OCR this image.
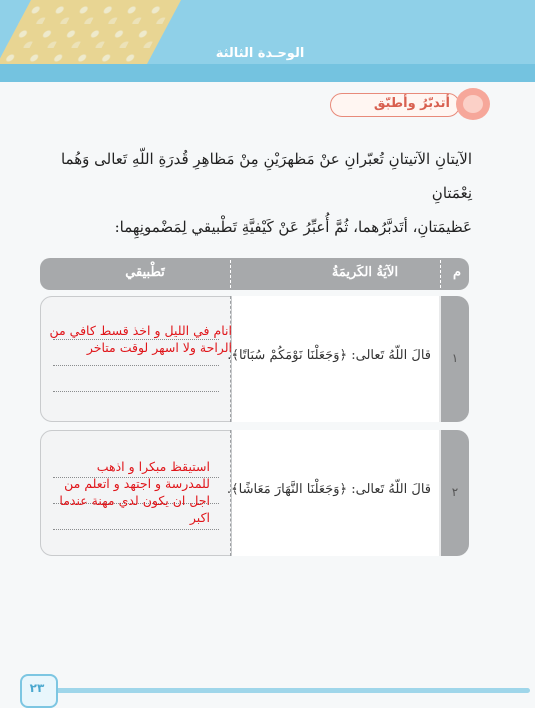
الوحـدة الثالثة
أتدبّرُ وأطبّق
الآيتانِ الآتيتانِ تُعبّرانِ عنْ مَظهرَيْنِ مِنْ مَظاهِرِ قُدرَةِ اللّهِ تَعالى وَهُما نِعْمَتانِ
عَظيمَتانِ، أتَدبَّرُهما، ثُمَّ أُعبِّرُ عَنْ كَيْفيَّةِ تَطْبيقي لِمَضْمونِهِما:
م
الآيَةُ الكَريمَةُ
تَطْبيقي
قالَ اللّهُ تَعالى: ﴿وَجَعَلْنَا نَوْمَكُمْ سُبَاتًا﴾.	١
انام في الليل و اخذ قسط كافي من الراحة ولا اسهر لوقت متاخر
قالَ اللّهُ تَعالى: ﴿وَجَعَلْنَا النَّهَارَ مَعَاشًا﴾.	٢
استيقظ مبكرا و اذهب للمدرسة و اجتهد و اتعلم من اجل ان يكون لدي مهنة عندما اكبر
٢٣
